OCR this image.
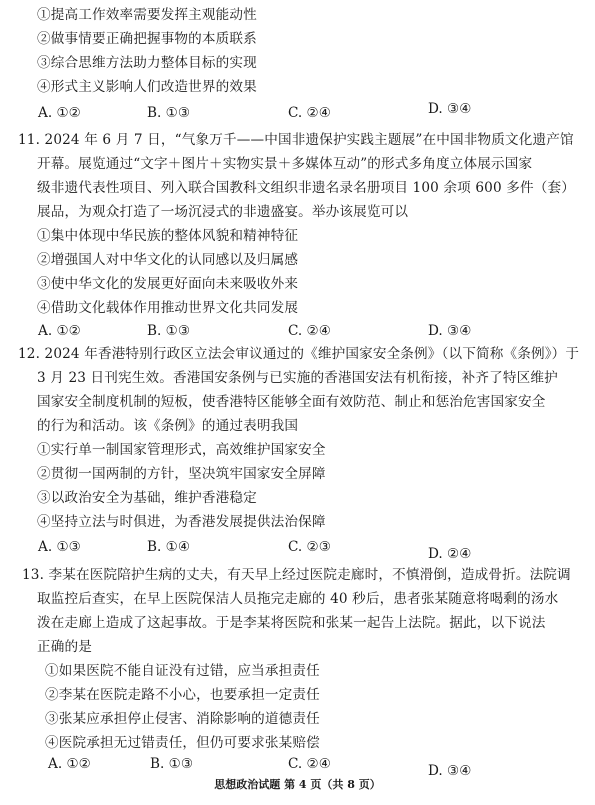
①提高工作效率需要发挥主观能动性
②做事情要正确把握事物的本质联系
③综合思维方法助力整体目标的实现
④形式主义影响人们改造世界的效果
A. ①②	B. ①③	C. ②④	D. ③④
11. 2024 年 6 月 7 日，“气象万千——中国非遗保护实践主题展”在中国非物质文化遗产馆
开幕。展览通过“文字＋图片＋实物实景＋多媒体互动”的形式多角度立体展示国家
级非遗代表性项目、列入联合国教科文组织非遗名录名册项目 100 余项 600 多件（套）
展品，为观众打造了一场沉浸式的非遗盛宴。举办该展览可以
①集中体现中华民族的整体风貌和精神特征
②增强国人对中华文化的认同感以及归属感
③使中华文化的发展更好面向未来吸收外来
④借助文化载体作用推动世界文化共同发展
A. ①②	B. ①③	C. ②④	D. ③④
12. 2024 年香港特别行政区立法会审议通过的《维护国家安全条例》（以下简称《条例》）于
3 月 23 日刊宪生效。香港国安条例与已实施的香港国安法有机衔接，补齐了特区维护
国家安全制度机制的短板，使香港特区能够全面有效防范、制止和惩治危害国家安全
的行为和活动。该《条例》的通过表明我国
①实行单一制国家管理形式，高效维护国家安全
②贯彻一国两制的方针，坚决筑牢国家安全屏障
③以政治安全为基础，维护香港稳定
④坚持立法与时俱进，为香港发展提供法治保障
A. ①③	B. ①④	C. ②③	D. ②④
13. 李某在医院陪护生病的丈夫，有天早上经过医院走廊时，不慎滑倒，造成骨折。法院调
取监控后查实，在早上医院保洁人员拖完走廊的 40 秒后，患者张某随意将喝剩的汤水
泼在走廊上造成了这起事故。于是李某将医院和张某一起告上法院。据此，以下说法
正确的是
①如果医院不能自证没有过错，应当承担责任
②李某在医院走路不小心，也要承担一定责任
③张某应承担停止侵害、消除影响的道德责任
④医院承担无过错责任，但仍可要求张某赔偿
A. ①②	B. ①③	C. ②④	D. ③④
思想政治试题 第 4 页（共 8 页）
